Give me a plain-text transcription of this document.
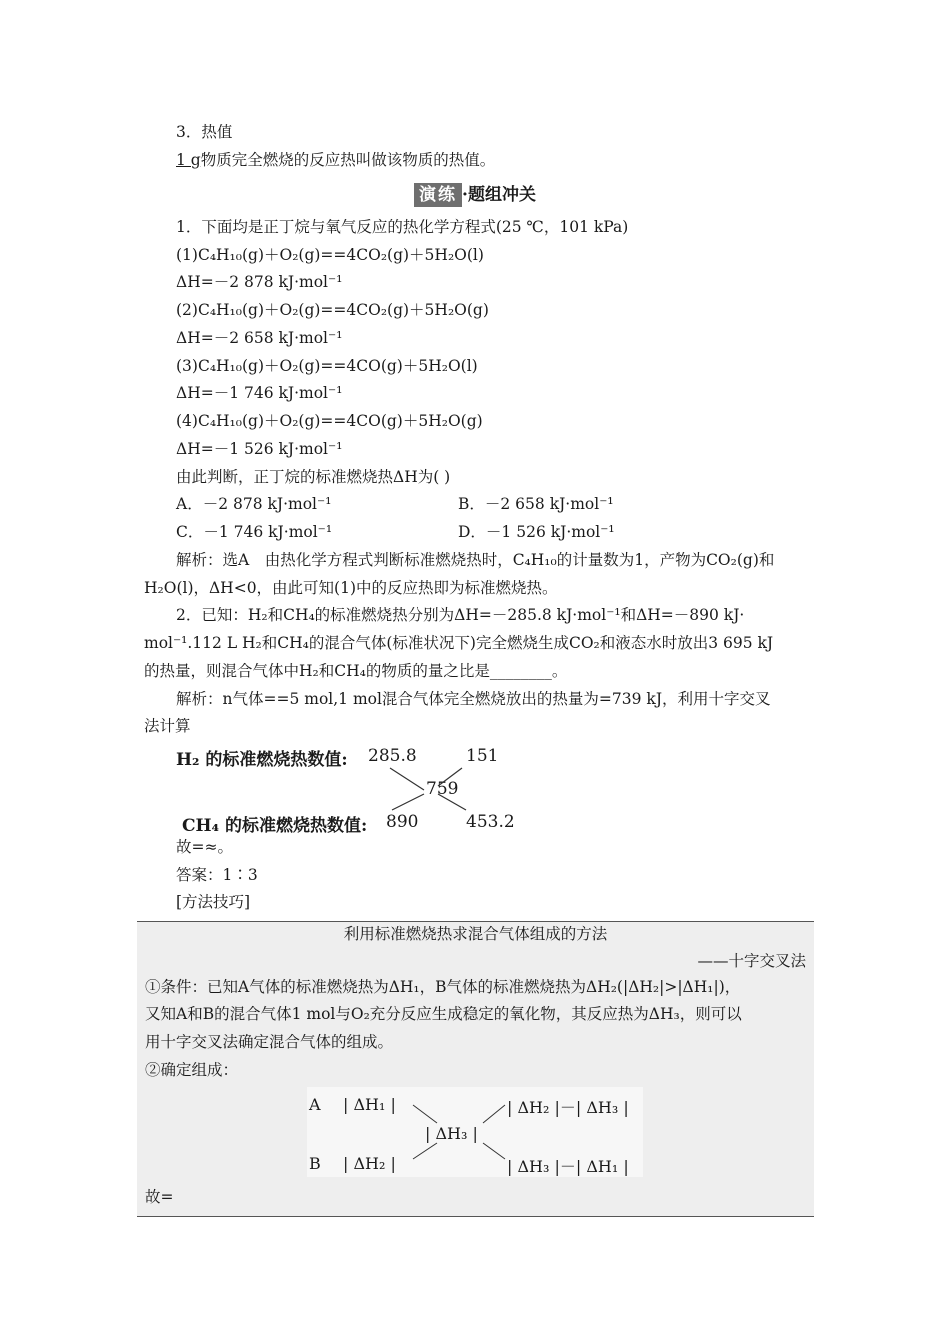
3．热值
1 g物质完全燃烧的反应热叫做该物质的热值。
演练 ·题组冲关
1．下面均是正丁烷与氧气反应的热化学方程式(25 ℃，101 kPa)
(1)C₄H₁₀(g)＋O₂(g)==4CO₂(g)＋5H₂O(l)
ΔH=－2 878 kJ·mol⁻¹
(2)C₄H₁₀(g)＋O₂(g)==4CO₂(g)＋5H₂O(g)
ΔH=－2 658 kJ·mol⁻¹
(3)C₄H₁₀(g)＋O₂(g)==4CO(g)＋5H₂O(l)
ΔH=－1 746 kJ·mol⁻¹
(4)C₄H₁₀(g)＋O₂(g)==4CO(g)＋5H₂O(g)
ΔH=－1 526 kJ·mol⁻¹
由此判断，正丁烷的标准燃烧热ΔH为( )
A．－2 878 kJ·mol⁻¹	B．－2 658 kJ·mol⁻¹
C．－1 746 kJ·mol⁻¹	D．－1 526 kJ·mol⁻¹
解析：选A　由热化学方程式判断标准燃烧热时，C₄H₁₀的计量数为1，产物为CO₂(g)和
H₂O(l)，ΔH<0，由此可知(1)中的反应热即为标准燃烧热。
2．已知：H₂和CH₄的标准燃烧热分别为ΔH=－285.8 kJ·mol⁻¹和ΔH=－890 kJ·
mol⁻¹.112 L H₂和CH₄的混合气体(标准状况下)完全燃烧生成CO₂和液态水时放出3 695 kJ
的热量，则混合气体中H₂和CH₄的物质的量之比是________。
解析：n气体==5 mol,1 mol混合气体完全燃烧放出的热量为=739 kJ，利用十字交叉
法计算
H₂ 的标准燃烧热数值: 285.8	151
759
CH₄ 的标准燃烧热数值: 890	453.2
故=≈。
答案：1∶3
[方法技巧]
利用标准燃烧热求混合气体组成的方法
——十字交叉法
①条件：已知A气体的标准燃烧热为ΔH₁，B气体的标准燃烧热为ΔH₂(|ΔH₂|>|ΔH₁|)，
又知A和B的混合气体1 mol与O₂充分反应生成稳定的氧化物，其反应热为ΔH₃，则可以
用十字交叉法确定混合气体的组成。
②确定组成：
A | ΔH₁ |	| ΔH₂ |－| ΔH₃ |
| ΔH₃ |
B | ΔH₂ |	| ΔH₃ |－| ΔH₁ |
故=
